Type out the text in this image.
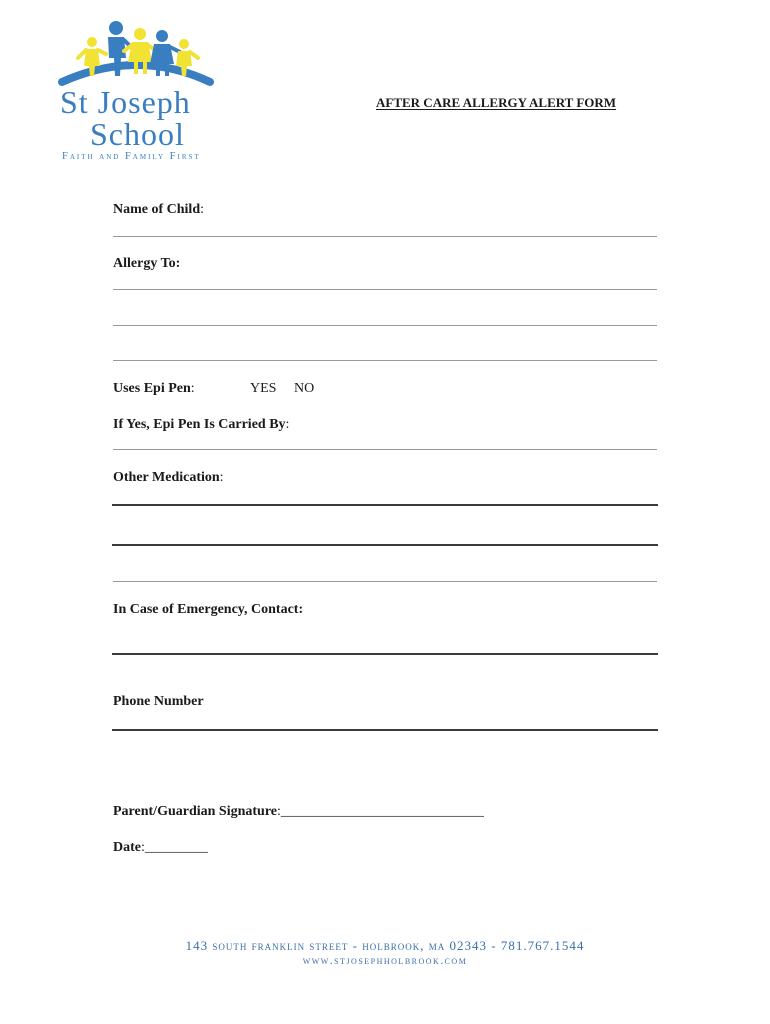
St Joseph
School
Faith and Family First
AFTER CARE ALLERGY ALERT FORM
Name of Child:
Allergy To:
Uses Epi Pen:	YES NO
If Yes, Epi Pen Is Carried By:
Other Medication:
In Case of Emergency, Contact:
Phone Number
Parent/Guardian Signature:_____________________________
Date:_________
143 south franklin street - holbrook, ma 02343 - 781.767.1544
www.stjosephholbrook.com
